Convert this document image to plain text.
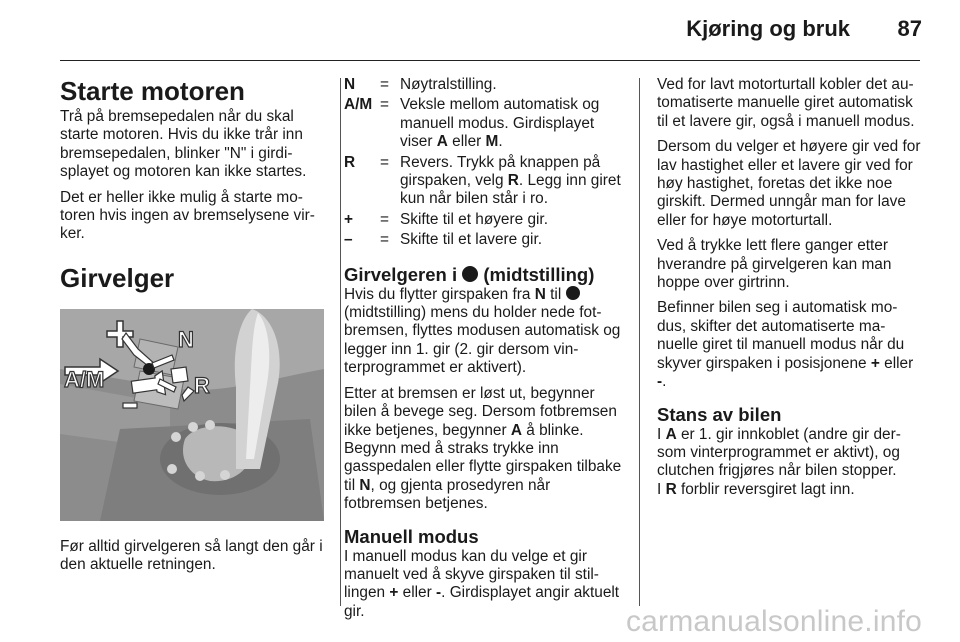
Kjøring og bruk 87
Starte motoren

Trå på bremsepedalen når du skal starte motoren. Hvis du ikke trår inn bremsepedalen, blinker "N" i girdisplayet og motoren kan ikke startes.

Det er heller ikke mulig å starte motoren hvis ingen av bremselysene virker.

Girvelger
N
A/M	R

Før alltid girvelgeren så langt den går i den aktuelle retningen.

N	= Nøytralstilling.
A/M = Veksle mellom automatisk og manuell modus. Girdisplayet viser A eller M.
R	= Revers. Trykk på knappen på girspaken, velg R. Legg inn giret kun når bilen står i ro.
+	= Skifte til et høyere gir.
–	= Skifte til et lavere gir.
Girvelgeren i  (midtstilling)

Hvis du flytter girspaken fra N til  (midtstilling) mens du holder nede fotbremsen, flyttes modusen automatisk og legger inn 1. gir (2. gir dersom vinterprogrammet er aktivert).

Etter at bremsen er løst ut, begynner bilen å bevege seg. Dersom fotbremsen ikke betjenes, begynner A å blinke. Begynn med å straks trykke inn gasspedalen eller flytte girspaken tilbake til N, og gjenta prosedyren når fotbremsen betjenes.

Manuell modus

I manuell modus kan du velge et gir manuelt ved å skyve girspaken til stillingen + eller -. Girdisplayet angir aktuelt gir.

Ved for lavt motorturtall kobler det automatiserte manuelle giret automatisk til et lavere gir, også i manuell modus.

Dersom du velger et høyere gir ved for lav hastighet eller et lavere gir ved for høy hastighet, foretas det ikke noe girskift. Dermed unngår man for lave eller for høye motorturtall.

Ved å trykke lett flere ganger etter hverandre på girvelgeren kan man hoppe over girtrinn.

Befinner bilen seg i automatisk modus, skifter det automatiserte manuelle giret til manuell modus når du skyver girspaken i posisjonene + eller -.

Stans av bilen

I A er 1. gir innkoblet (andre gir dersom vinterprogrammet er aktivt), og clutchen frigjøres når bilen stopper.

I R forblir reversgiret lagt inn.

carmanualsonline.info
